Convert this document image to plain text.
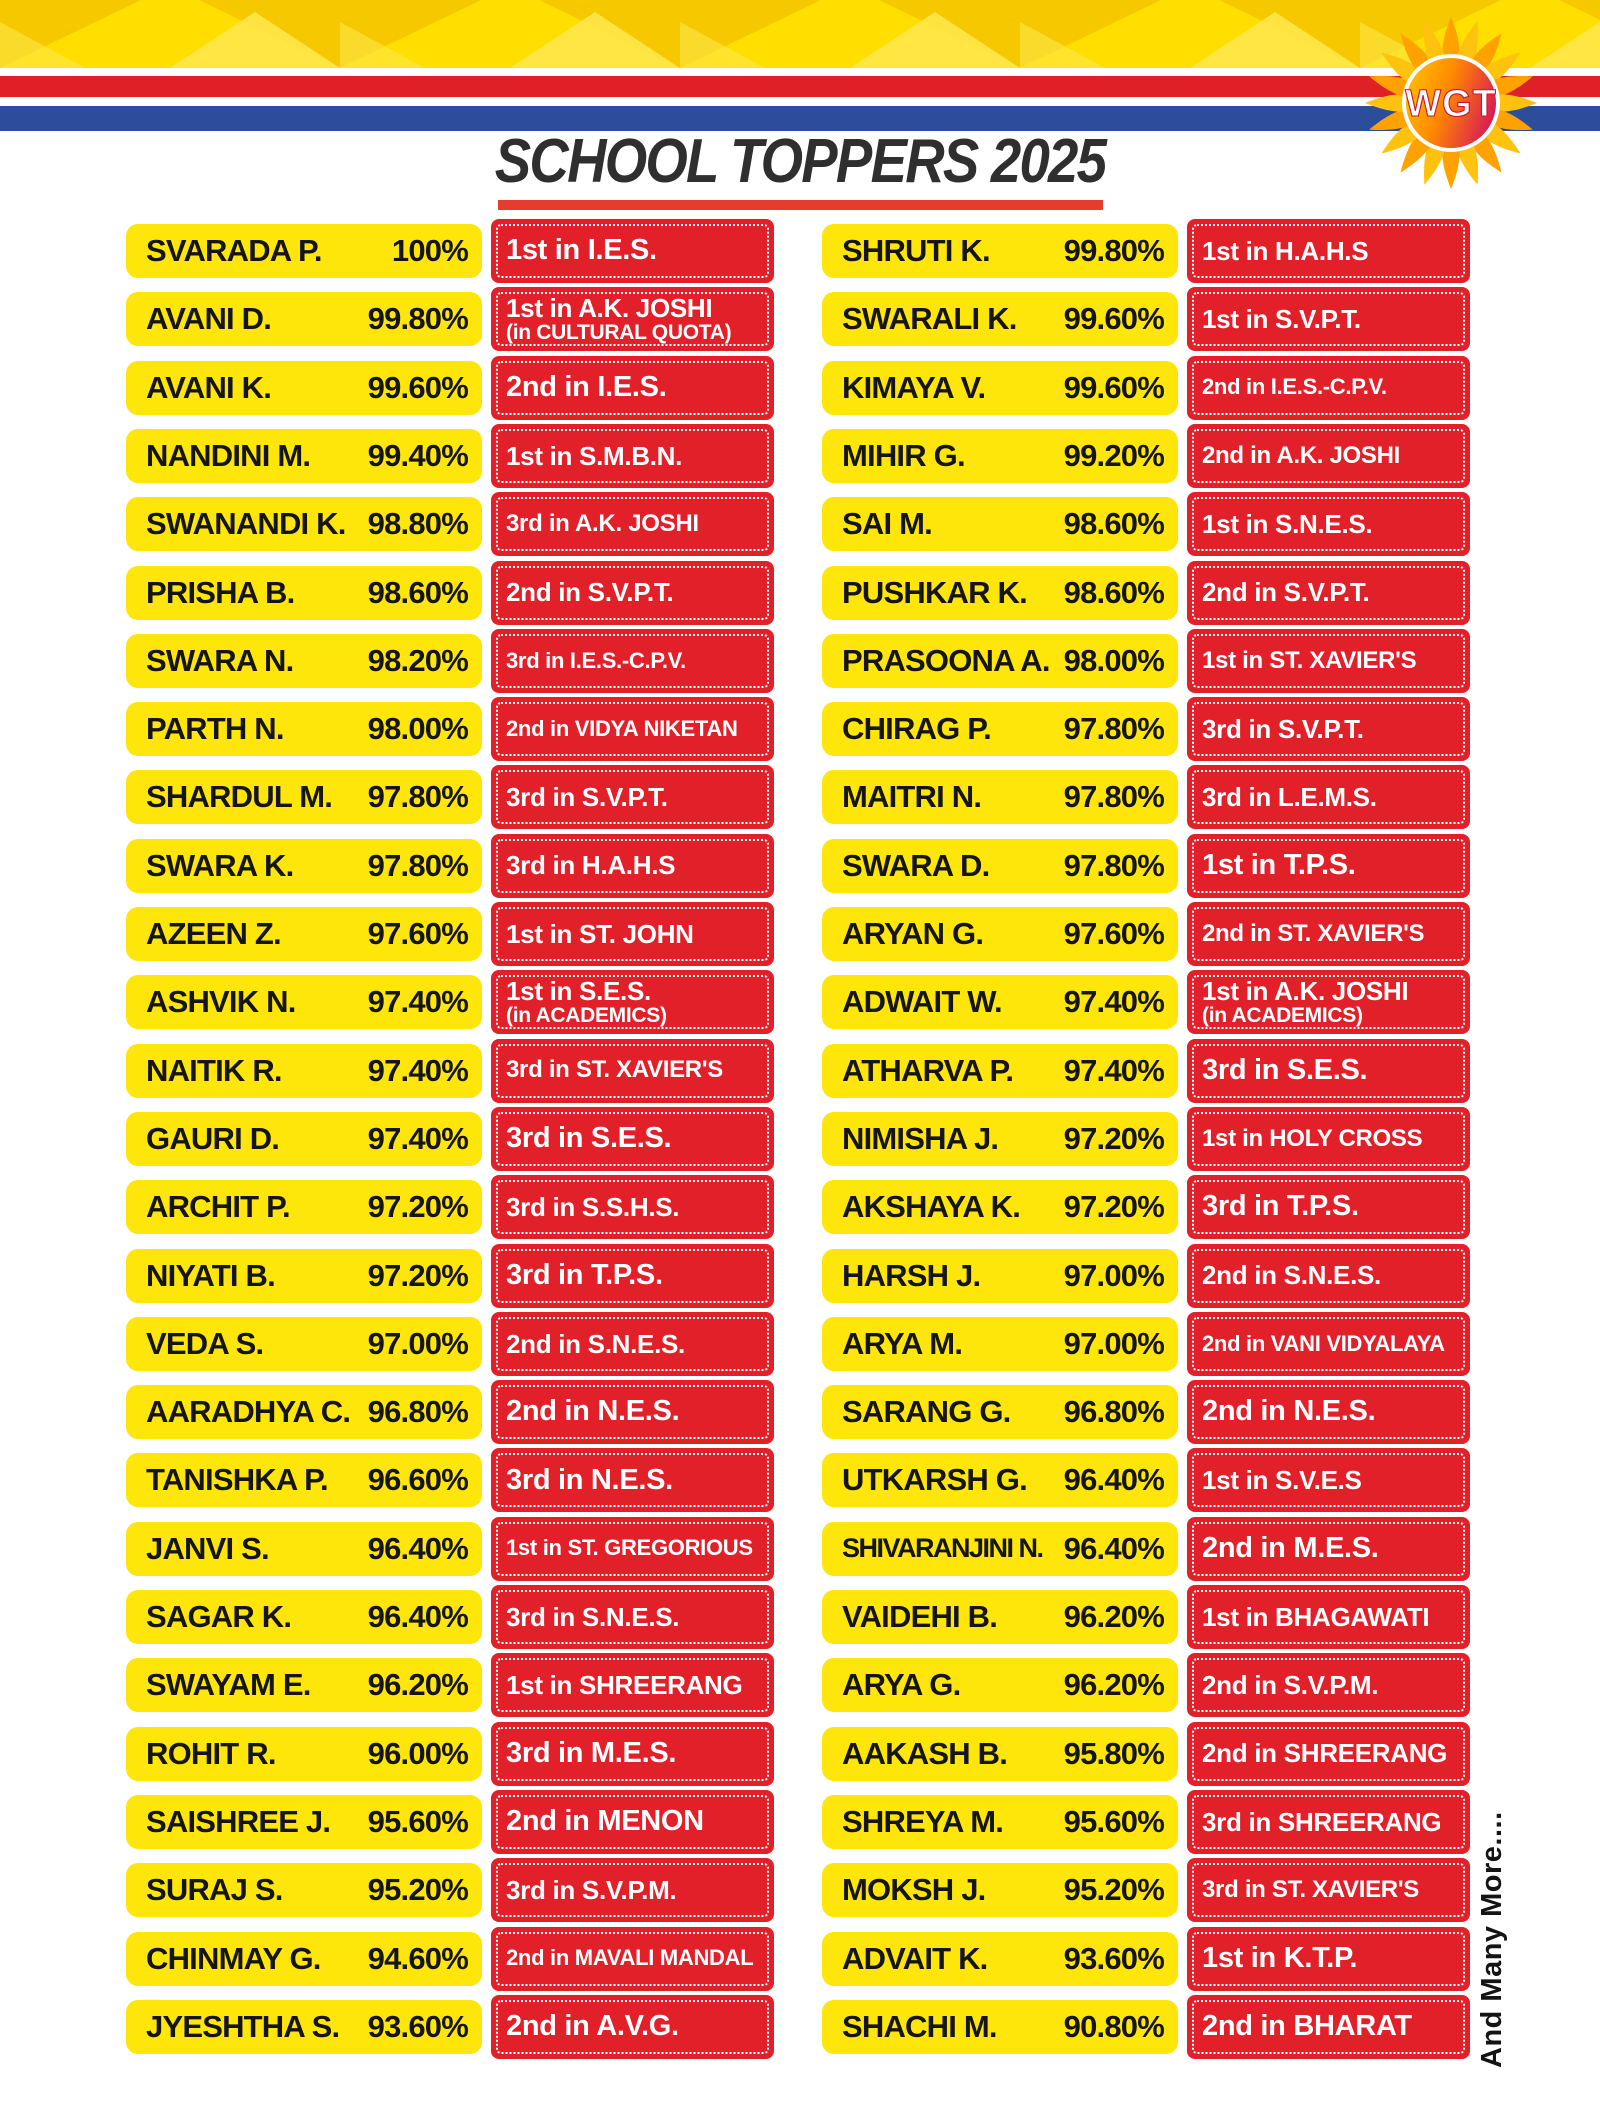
WGT
SCHOOL TOPPERS 2025
SVARADA P. 100% 1st in I.E.S.
AVANI D.	99.80% 1st in A.K. JOSHI
(in CULTURAL QUOTA)
AVANI K.	99.60% 2nd in I.E.S.
NANDINI M. 99.40% 1st in S.M.B.N.
SWANANDI K. 98.80% 3rd in A.K. JOSHI
PRISHA B. 98.60% 2nd in S.V.P.T.
SWARA N. 98.20% 3rd in I.E.S.-C.P.V.
PARTH N.	98.00% 2nd in VIDYA NIKETAN
SHARDUL M. 97.80% 3rd in S.V.P.T.
SWARA K. 97.80% 3rd in H.A.H.S
AZEEN Z.	97.60% 1st in ST. JOHN
ASHVIK N. 97.40% 1st in S.E.S.
(in ACADEMICS)
NAITIK R.	97.40% 3rd in ST. XAVIER'S
GAURI D.	97.40% 3rd in S.E.S.
ARCHIT P.	97.20% 3rd in S.S.H.S.
NIYATI B.	97.20% 3rd in T.P.S.
VEDA S.	97.00% 2nd in S.N.E.S.
AARADHYA C. 96.80% 2nd in N.E.S.
TANISHKA P. 96.60% 3rd in N.E.S.
JANVI S.	96.40% 1st in ST. GREGORIOUS
SAGAR K. 96.40% 3rd in S.N.E.S.
SWAYAM E. 96.20% 1st in SHREERANG
ROHIT R.	96.00% 3rd in M.E.S.
SAISHREE J. 95.60% 2nd in MENON
SURAJ S.	95.20% 3rd in S.V.P.M.
CHINMAY G. 94.60% 2nd in MAVALI MANDAL
JYESHTHA S. 93.60% 2nd in A.V.G.
SHRUTI K. 99.80% 1st in H.A.H.S
SWARALI K. 99.60% 1st in S.V.P.T.
KIMAYA V.	99.60% 2nd in I.E.S.-C.P.V.
MIHIR G.	99.20% 2nd in A.K. JOSHI
SAI M.	98.60% 1st in S.N.E.S.
PUSHKAR K. 98.60% 2nd in S.V.P.T.
PRASOONA A. 98.00% 1st in ST. XAVIER'S
CHIRAG P. 97.80% 3rd in S.V.P.T.
MAITRI N.	97.80% 3rd in L.E.M.S.
SWARA D. 97.80% 1st in T.P.S.
ARYAN G.	97.60% 2nd in ST. XAVIER'S
ADWAIT W. 97.40% 1st in A.K. JOSHI
(in ACADEMICS)
ATHARVA P. 97.40% 3rd in S.E.S.
NIMISHA J. 97.20% 1st in HOLY CROSS
AKSHAYA K. 97.20% 3rd in T.P.S.
HARSH J.	97.00% 2nd in S.N.E.S.
ARYA M.	97.00% 2nd in VANI VIDYALAYA
SARANG G. 96.80% 2nd in N.E.S.
UTKARSH G. 96.40% 1st in S.V.E.S
SHIVARANJINI N. 96.40% 2nd in M.E.S.
VAIDEHI B. 96.20% 1st in BHAGAWATI
ARYA G.	96.20% 2nd in S.V.P.M.
AAKASH B. 95.80% 2nd in SHREERANG
SHREYA M. 95.60% 3rd in SHREERANG
MOKSH J.	95.20% 3rd in ST. XAVIER'S
ADVAIT K. 93.60% 1st in K.T.P.
SHACHI M. 90.80% 2nd in BHARAT	And Many More....
